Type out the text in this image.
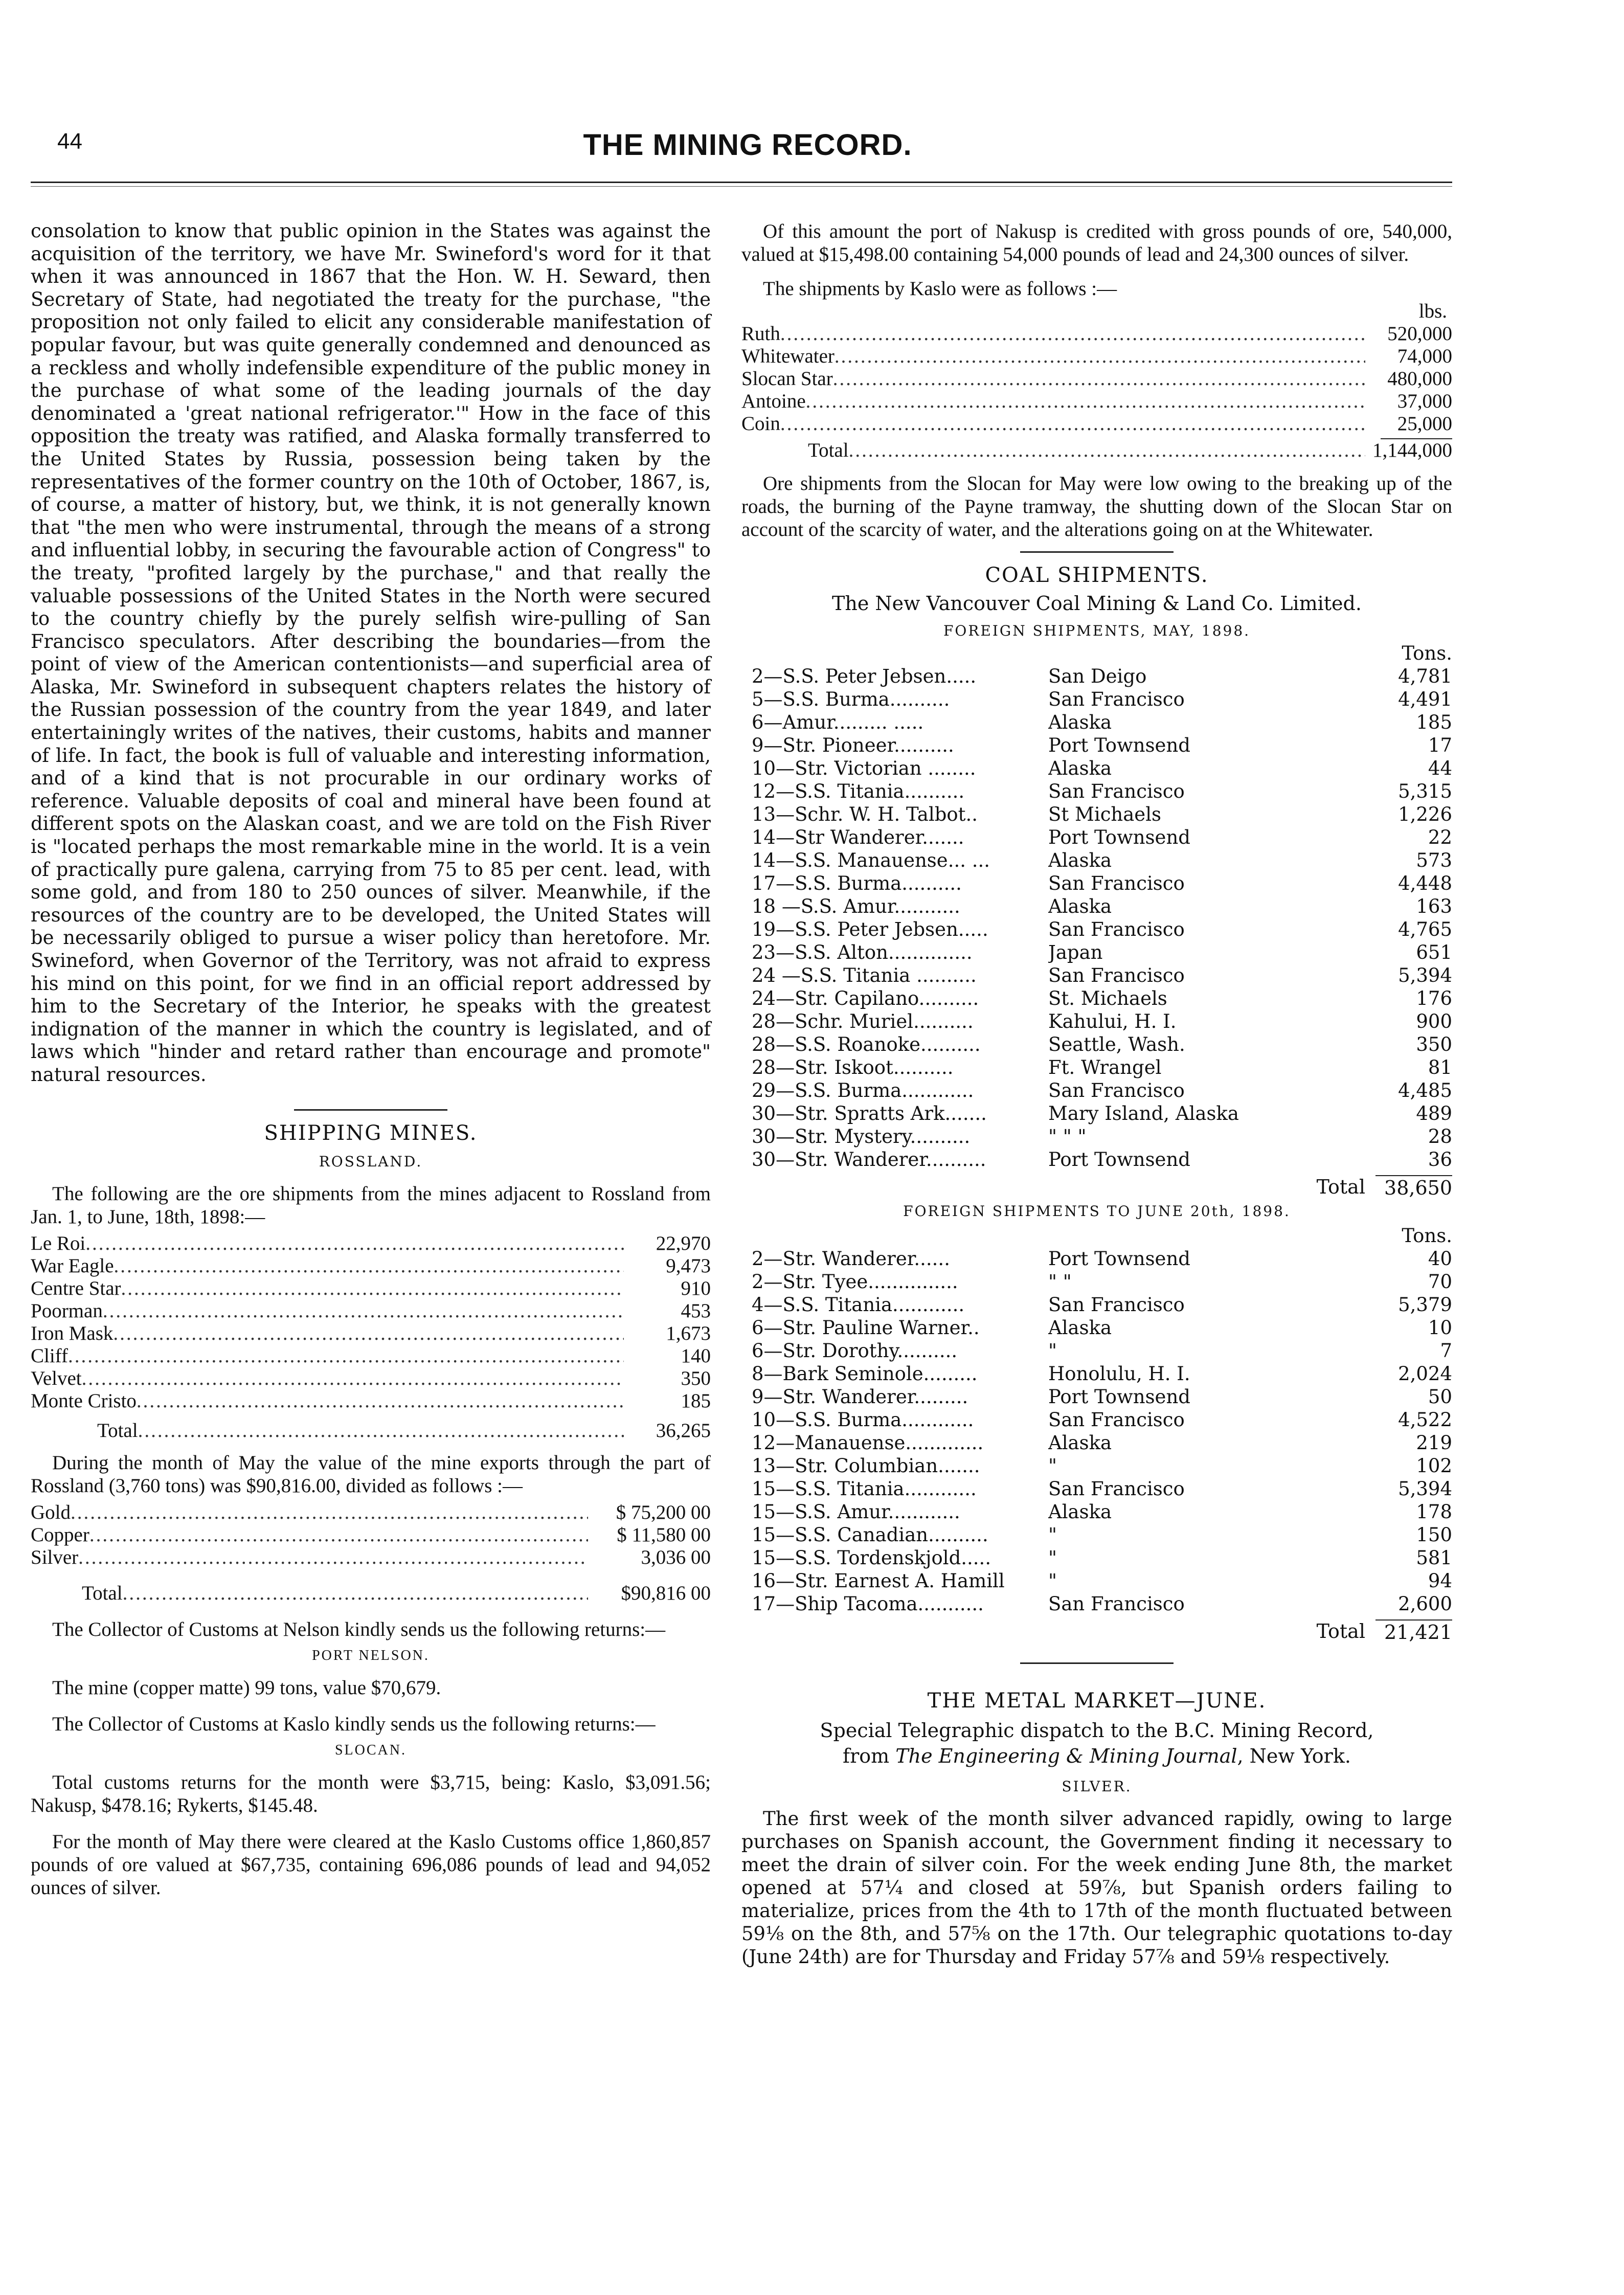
44	THE MINING RECORD.

consolation to know that public opinion in the States was against the acquisition of the territory, we have Mr. Swineford's word for it that when it was announced in 1867 that the Hon. W. H. Seward, then Secretary of State, had negotiated the treaty for the purchase, "the proposition not only failed to elicit any considerable manifestation of popular favour, but was quite generally condemned and denounced as a reckless and wholly indefensible expenditure of the public money in the purchase of what some of the leading journals of the day denominated a 'great national refrigerator.'" How in the face of this opposition the treaty was ratified, and Alaska formally transferred to the United States by Russia, possession being taken by the representatives of the former country on the 10th of October, 1867, is, of course, a matter of history, but, we think, it is not generally known that "the men who were instrumental, through the means of a strong and influential lobby, in securing the favourable action of Congress" to the treaty, "profited largely by the purchase," and that really the valuable possessions of the United States in the North were secured to the country chiefly by the purely selfish wire-pulling of San Francisco speculators. After describing the boundaries—from the point of view of the American contentionists—and superficial area of Alaska, Mr. Swineford in subsequent chapters relates the history of the Russian possession of the country from the year 1849, and later entertainingly writes of the natives, their customs, habits and manner of life. In fact, the book is full of valuable and interesting information, and of a kind that is not procurable in our ordinary works of reference. Valuable deposits of coal and mineral have been found at different spots on the Alaskan coast, and we are told on the Fish River is "located perhaps the most remarkable mine in the world. It is a vein of practically pure galena, carrying from 75 to 85 per cent. lead, with some gold, and from 180 to 250 ounces of silver. Meanwhile, if the resources of the country are to be developed, the United States will be necessarily obliged to pursue a wiser policy than heretofore. Mr. Swineford, when Governor of the Territory, was not afraid to express his mind on this point, for we find in an official report addressed by him to the Secretary of the Interior, he speaks with the greatest indignation of the manner in which the country is legislated, and of laws which "hinder and retard rather than encourage and promote" natural resources.

SHIPPING MINES.
ROSSLAND.

The following are the ore shipments from the mines adjacent to Rossland from Jan. 1, to June, 18th, 1898:—

Le Roi .....	22,970
War Eagle .....	9,473
Centre Star .....	910
Poorman .....	453
Iron Mask .....	1,673
Cliff .....	140
Velvet .....	350
Monte Cristo .....	185
Total .....	36,265

During the month of May the value of the mine exports through the part of Rossland (3,760 tons) was $90,816.00, divided as follows :—

Gold .....	$ 75,200 00
Copper .....	$ 11,580 00
Silver .....	3,036 00
Total .....	$90,816 00

The Collector of Customs at Nelson kindly sends us the following returns:—

PORT NELSON.

The mine (copper matte) 99 tons, value $70,679.

The Collector of Customs at Kaslo kindly sends us the following returns:—

SLOCAN.

Total customs returns for the month were $3,715, being: Kaslo, $3,091.56; Nakusp, $478.16; Rykerts, $145.48.

For the month of May there were cleared at the Kaslo Customs office 1,860,857 pounds of ore valued at $67,735, containing 696,086 pounds of lead and 94,052 ounces of silver.

Of this amount the port of Nakusp is credited with gross pounds of ore, 540,000, valued at $15,498.00 containing 54,000 pounds of lead and 24,300 ounces of silver.

The shipments by Kaslo were as follows :—

lbs.
Ruth .....	520,000
Whitewater .....	74,000
Slocan Star .....	480,000
Antoine .....	37,000
Coin .....	25,000
Total .....	1,144,000

Ore shipments from the Slocan for May were low owing to the breaking up of the roads, the burning of the Payne tramway, the shutting down of the Slocan Star on account of the scarcity of water, and the alterations going on at the Whitewater.

COAL SHIPMENTS.
The New Vancouver Coal Mining & Land Co. Limited.
FOREIGN SHIPMENTS, MAY, 1898.
Tons.
2—S.S. Peter Jebsen.....	San Deigo	4,781
5—S.S. Burma..........	San Francisco	4,491
6—Amur......... .....	Alaska	185
9—Str. Pioneer..........	Port Townsend	17
10—Str. Victorian ........	Alaska	44
12—S.S. Titania..........	San Francisco	5,315
13—Schr. W. H. Talbot..	St Michaels	1,226
14—Str Wanderer.......	Port Townsend	22
14—S.S. Manauense... ...	Alaska	573
17—S.S. Burma..........	San Francisco	4,448
18 —S.S. Amur...........	Alaska	163
19—S.S. Peter Jebsen.....	San Francisco	4,765
23—S.S. Alton..............	Japan	651
24 —S.S. Titania ..........	San Francisco	5,394
24—Str. Capilano..........	St. Michaels	176
28—Schr. Muriel..........	Kahului, H. I.	900
28—S.S. Roanoke..........	Seattle, Wash.	350
28—Str. Iskoot..........	Ft. Wrangel	81
29—S.S. Burma............	San Francisco	4,485
30—Str. Spratts Ark.......	Mary Island, Alaska	489
30—Str. Mystery..........	" " "	28
30—Str. Wanderer..........	Port Townsend	36
Total 38,650
FOREIGN SHIPMENTS TO JUNE 20th, 1898.
Tons.
2—Str. Wanderer......	Port Townsend	40
2—Str. Tyee...............	" "	70
4—S.S. Titania............	San Francisco	5,379
6—Str. Pauline Warner..	Alaska	10
6—Str. Dorothy..........	"	7
8—Bark Seminole.........	Honolulu, H. I.	2,024
9—Str. Wanderer.........	Port Townsend	50
10—S.S. Burma............	San Francisco	4,522
12—Manauense.............	Alaska	219
13—Str. Columbian.......	"	102
15—S.S. Titania............	San Francisco	5,394
15—S.S. Amur............	Alaska	178
15—S.S. Canadian..........	"	150
15—S.S. Tordenskjold.....	"	581
16—Str. Earnest A. Hamill	"	94
17—Ship Tacoma...........	San Francisco	2,600
Total 21,421
THE METAL MARKET—JUNE.
Special Telegraphic dispatch to the B.C. Mining Record,
from The Engineering & Mining Journal, New York.
SILVER.

The first week of the month silver advanced rapidly, owing to large purchases on Spanish account, the Government finding it necessary to meet the drain of silver coin. For the week ending June 8th, the market opened at 57¼ and closed at 59⅞, but Spanish orders failing to materialize, prices from the 4th to 17th of the month fluctuated between 59⅛ on the 8th, and 57⅝ on the 17th. Our telegraphic quotations to-day (June 24th) are for Thursday and Friday 57⅞ and 59⅛ respectively.
